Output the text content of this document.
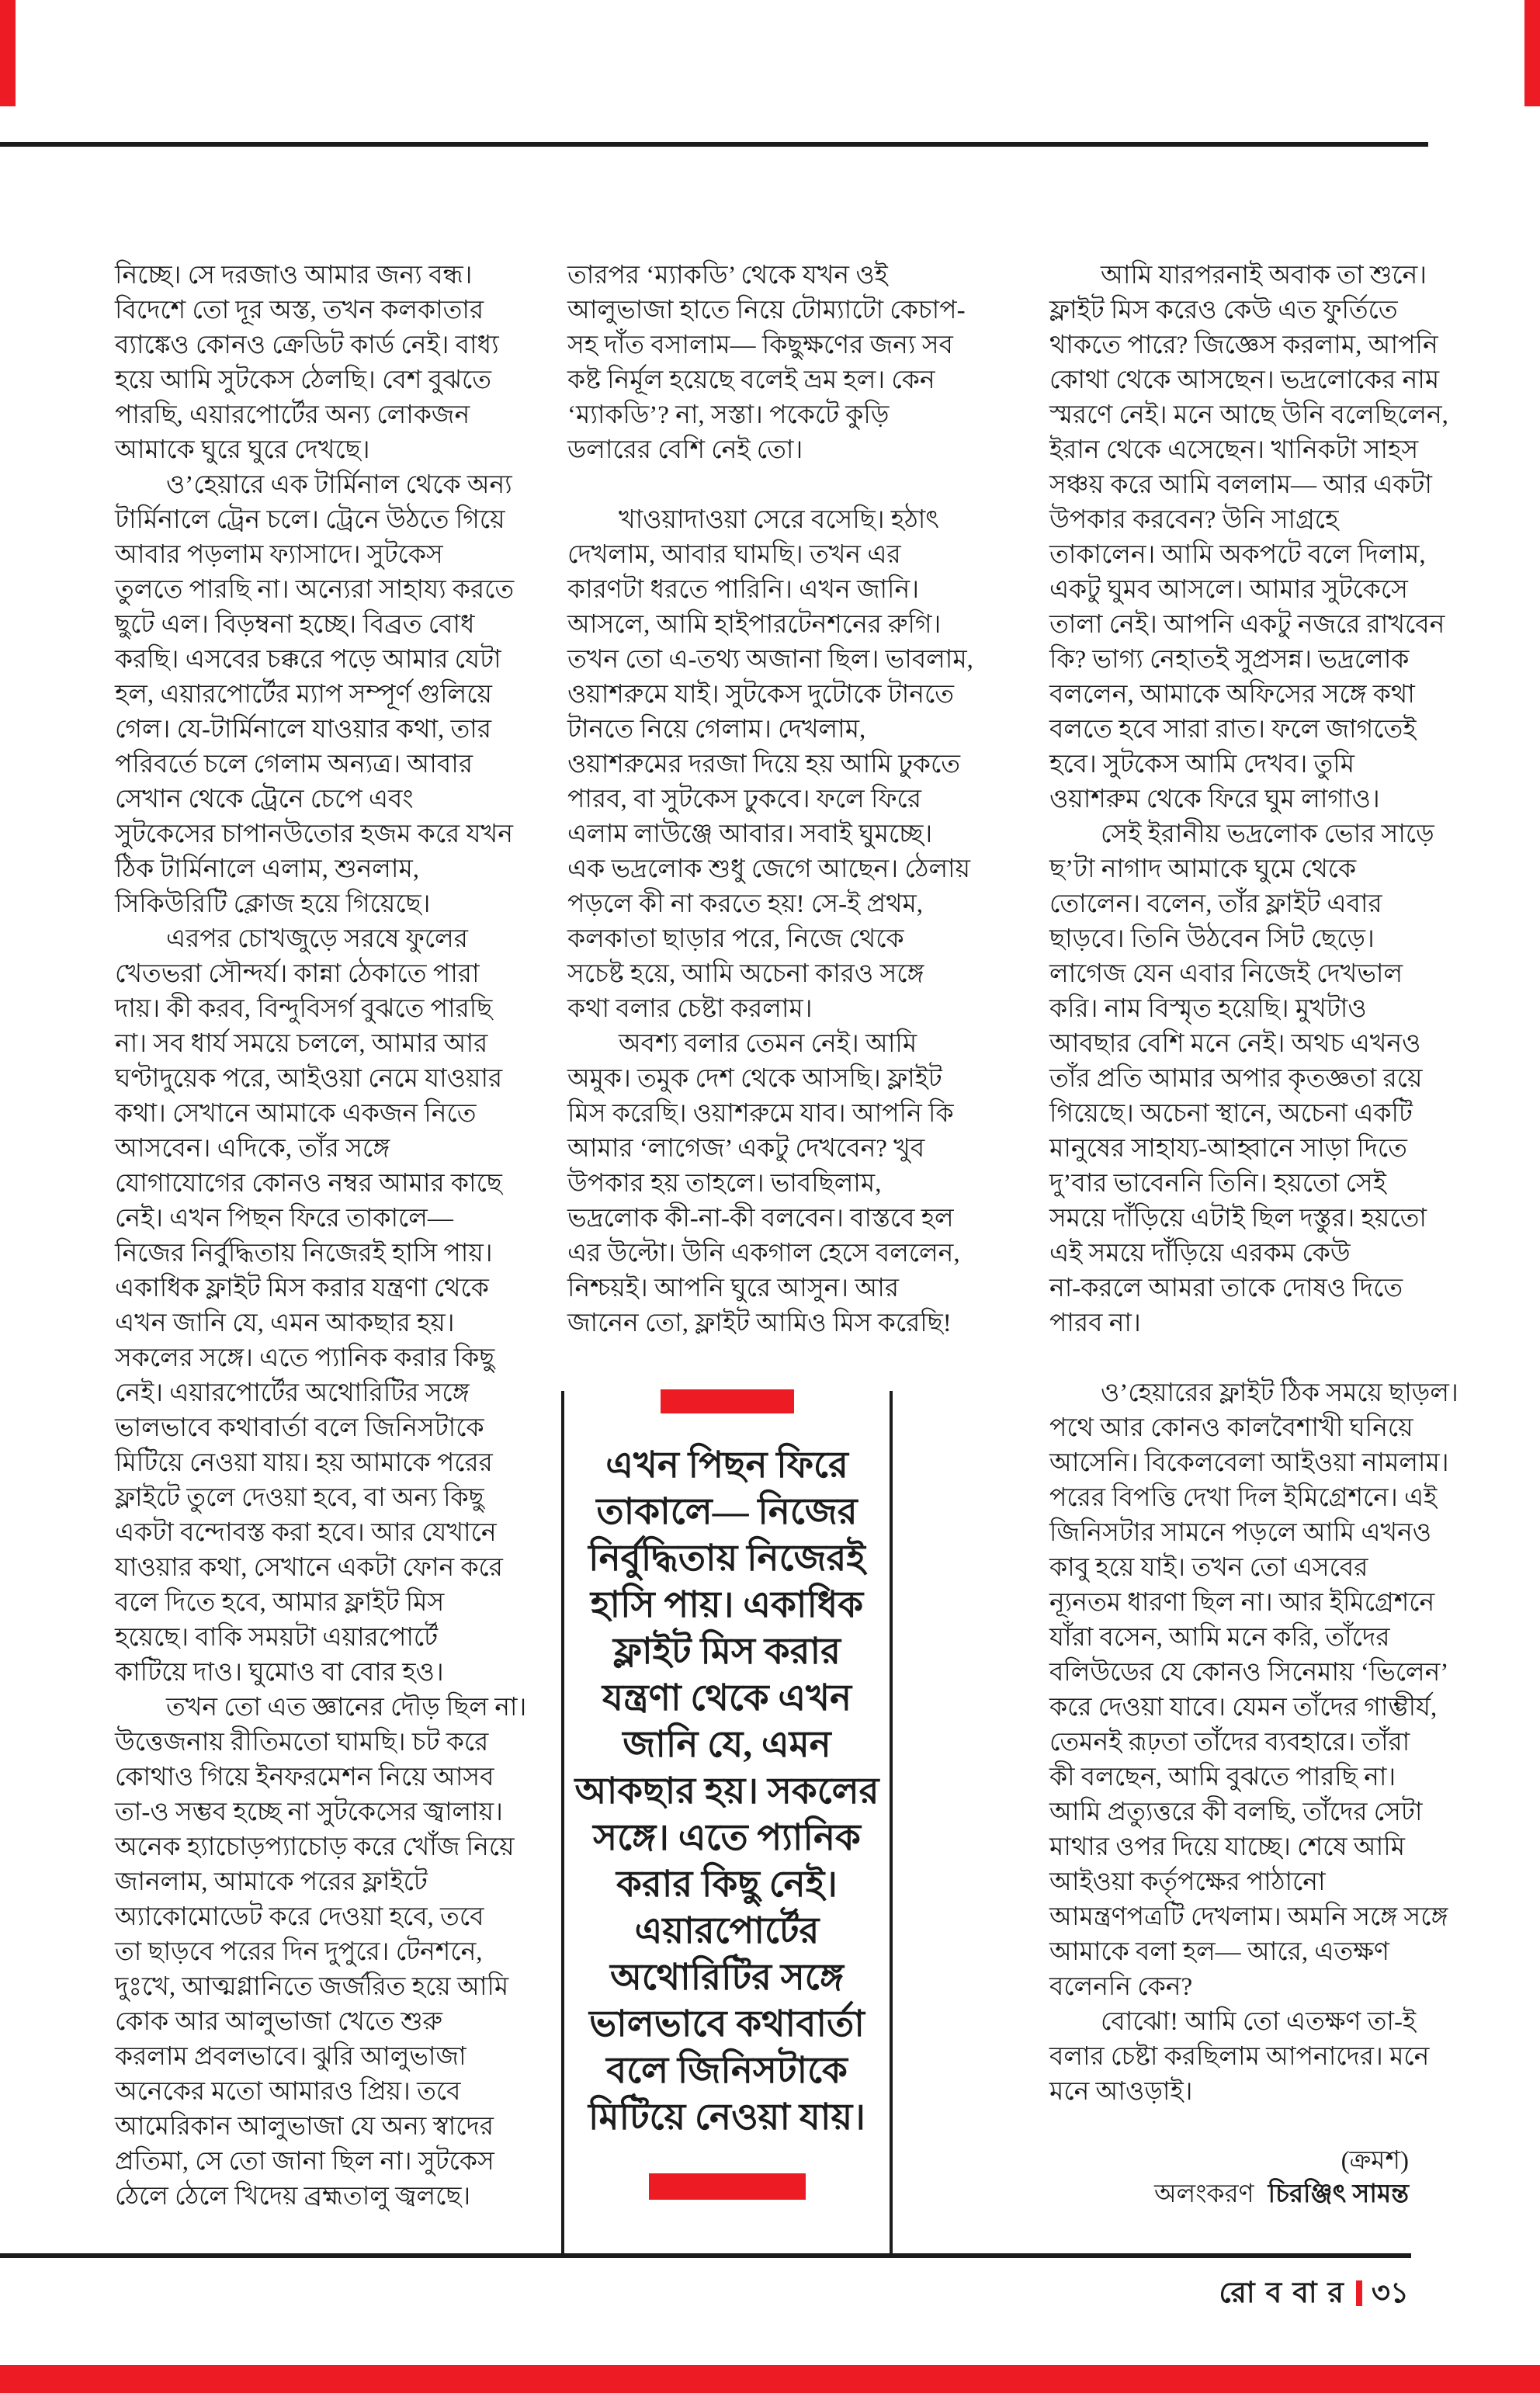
নিচ্ছে। সে দরজাও আমার জন্য বন্ধ।
বিদেশে তো দূর অস্ত, তখন কলকাতার
ব্যাঙ্কেও কোনও ক্রেডিট কার্ড নেই। বাধ্য
হয়ে আমি সুটকেস ঠেলছি। বেশ বুঝতে
পারছি, এয়ারপোর্টের অন্য লোকজন
আমাকে ঘুরে ঘুরে দেখছে।
  ও’হেয়ারে এক টার্মিনাল থেকে অন্য
টার্মিনালে ট্রেন চলে। ট্রেনে উঠতে গিয়ে
আবার পড়লাম ফ্যাসাদে। সুটকেস
তুলতে পারছি না। অন্যেরা সাহায্য করতে
ছুটে এল। বিড়ম্বনা হচ্ছে। বিব্রত বোধ
করছি। এসবের চক্করে পড়ে আমার যেটা
হল, এয়ারপোর্টের ম্যাপ সম্পূর্ণ গুলিয়ে
গেল। যে-টার্মিনালে যাওয়ার কথা, তার
পরিবর্তে চলে গেলাম অন্যত্র। আবার
সেখান থেকে ট্রেনে চেপে এবং
সুটকেসের চাপানউতোর হজম করে যখন
ঠিক টার্মিনালে এলাম, শুনলাম,
সিকিউরিটি ক্লোজ হয়ে গিয়েছে।
  এরপর চোখজুড়ে সরষে ফুলের
খেতভরা সৌন্দর্য। কান্না ঠেকাতে পারা
দায়। কী করব, বিন্দুবিসর্গ বুঝতে পারছি
না। সব ধার্য সময়ে চললে, আমার আর
ঘণ্টাদুয়েক পরে, আইওয়া নেমে যাওয়ার
কথা। সেখানে আমাকে একজন নিতে
আসবেন। এদিকে, তাঁর সঙ্গে
যোগাযোগের কোনও নম্বর আমার কাছে
নেই। এখন পিছন ফিরে তাকালে—
নিজের নির্বুদ্ধিতায় নিজেরই হাসি পায়।
একাধিক ফ্লাইট মিস করার যন্ত্রণা থেকে
এখন জানি যে, এমন আকছার হয়।
সকলের সঙ্গে। এতে প্যানিক করার কিছু
নেই। এয়ারপোর্টের অথোরিটির সঙ্গে
ভালভাবে কথাবার্তা বলে জিনিসটাকে
মিটিয়ে নেওয়া যায়। হয় আমাকে পরের
ফ্লাইটে তুলে দেওয়া হবে, বা অন্য কিছু
একটা বন্দোবস্ত করা হবে। আর যেখানে
যাওয়ার কথা, সেখানে একটা ফোন করে
বলে দিতে হবে, আমার ফ্লাইট মিস
হয়েছে। বাকি সময়টা এয়ারপোর্টে
কাটিয়ে দাও। ঘুমোও বা বোর হও।
  তখন তো এত জ্ঞানের দৌড় ছিল না।
উত্তেজনায় রীতিমতো ঘামছি। চট করে
কোথাও গিয়ে ইনফরমেশন নিয়ে আসব
তা-ও সম্ভব হচ্ছে না সুটকেসের জ্বালায়।
অনেক হ্যাচোড়প্যাচোড় করে খোঁজ নিয়ে
জানলাম, আমাকে পরের ফ্লাইটে
অ্যাকোমোডেট করে দেওয়া হবে, তবে
তা ছাড়বে পরের দিন দুপুরে। টেনশনে,
দুঃখে, আত্মগ্লানিতে জর্জরিত হয়ে আমি
কোক আর আলুভাজা খেতে শুরু
করলাম প্রবলভাবে। ঝুরি আলুভাজা
অনেকের মতো আমারও প্রিয়। তবে
আমেরিকান আলুভাজা যে অন্য স্বাদের
প্রতিমা, সে তো জানা ছিল না। সুটকেস
ঠেলে ঠেলে খিদেয় ব্রহ্মতালু জ্বলছে।
তারপর ‘ম্যাকডি’ থেকে যখন ওই
আলুভাজা হাতে নিয়ে টোম্যাটো কেচাপ-
সহ দাঁত বসালাম— কিছুক্ষণের জন্য সব
কষ্ট নির্মূল হয়েছে বলেই ভ্রম হল। কেন
‘ম্যাকডি’? না, সস্তা। পকেটে কুড়ি
ডলারের বেশি নেই তো।
  খাওয়াদাওয়া সেরে বসেছি। হঠাৎ
দেখলাম, আবার ঘামছি। তখন এর
কারণটা ধরতে পারিনি। এখন জানি।
আসলে, আমি হাইপারটেনশনের রুগি।
তখন তো এ-তথ্য অজানা ছিল। ভাবলাম,
ওয়াশরুমে যাই। সুটকেস দুটোকে টানতে
টানতে নিয়ে গেলাম। দেখলাম,
ওয়াশরুমের দরজা দিয়ে হয় আমি ঢুকতে
পারব, বা সুটকেস ঢুকবে। ফলে ফিরে
এলাম লাউঞ্জে আবার। সবাই ঘুমচ্ছে।
এক ভদ্রলোক শুধু জেগে আছেন। ঠেলায়
পড়লে কী না করতে হয়! সে-ই প্রথম,
কলকাতা ছাড়ার পরে, নিজে থেকে
সচেষ্ট হয়ে, আমি অচেনা কারও সঙ্গে
কথা বলার চেষ্টা করলাম।
  অবশ্য বলার তেমন নেই। আমি
অমুক। তমুক দেশ থেকে আসছি। ফ্লাইট
মিস করেছি। ওয়াশরুমে যাব। আপনি কি
আমার ‘লাগেজ’ একটু দেখবেন? খুব
উপকার হয় তাহলে। ভাবছিলাম,
ভদ্রলোক কী-না-কী বলবেন। বাস্তবে হল
এর উল্টো। উনি একগাল হেসে বললেন,
নিশ্চয়ই। আপনি ঘুরে আসুন। আর
জানেন তো, ফ্লাইট আমিও মিস করেছি!
  আমি যারপরনাই অবাক তা শুনে।
ফ্লাইট মিস করেও কেউ এত ফুর্তিতে
থাকতে পারে? জিজ্ঞেস করলাম, আপনি
কোথা থেকে আসছেন। ভদ্রলোকের নাম
স্মরণে নেই। মনে আছে উনি বলেছিলেন,
ইরান থেকে এসেছেন। খানিকটা সাহস
সঞ্চয় করে আমি বললাম— আর একটা
উপকার করবেন? উনি সাগ্রহে
তাকালেন। আমি অকপটে বলে দিলাম,
একটু ঘুমব আসলে। আমার সুটকেসে
তালা নেই। আপনি একটু নজরে রাখবেন
কি? ভাগ্য নেহাতই সুপ্রসন্ন। ভদ্রলোক
বললেন, আমাকে অফিসের সঙ্গে কথা
বলতে হবে সারা রাত। ফলে জাগতেই
হবে। সুটকেস আমি দেখব। তুমি
ওয়াশরুম থেকে ফিরে ঘুম লাগাও।
  সেই ইরানীয় ভদ্রলোক ভোর সাড়ে
ছ’টা নাগাদ আমাকে ঘুমে থেকে
তোলেন। বলেন, তাঁর ফ্লাইট এবার
ছাড়বে। তিনি উঠবেন সিট ছেড়ে।
লাগেজ যেন এবার নিজেই দেখভাল
করি। নাম বিস্মৃত হয়েছি। মুখটাও
আবছার বেশি মনে নেই। অথচ এখনও
তাঁর প্রতি আমার অপার কৃতজ্ঞতা রয়ে
গিয়েছে। অচেনা স্থানে, অচেনা একটি
মানুষের সাহায্য-আহ্বানে সাড়া দিতে
দু’বার ভাবেননি তিনি। হয়তো সেই
সময়ে দাঁড়িয়ে এটাই ছিল দস্তুর। হয়তো
এই সময়ে দাঁড়িয়ে এরকম কেউ
না-করলে আমরা তাকে দোষও দিতে
পারব না।
  ও’হেয়ারের ফ্লাইট ঠিক সময়ে ছাড়ল।
পথে আর কোনও কালবৈশাখী ঘনিয়ে
আসেনি। বিকেলবেলা আইওয়া নামলাম।
পরের বিপত্তি দেখা দিল ইমিগ্রেশনে। এই
জিনিসটার সামনে পড়লে আমি এখনও
কাবু হয়ে যাই। তখন তো এসবের
ন্যূনতম ধারণা ছিল না। আর ইমিগ্রেশনে
যাঁরা বসেন, আমি মনে করি, তাঁদের
বলিউডের যে কোনও সিনেমায় ‘ভিলেন’
করে দেওয়া যাবে। যেমন তাঁদের গাম্ভীর্য,
তেমনই রূঢ়তা তাঁদের ব্যবহারে। তাঁরা
কী বলছেন, আমি বুঝতে পারছি না।
আমি প্রত্যুত্তরে কী বলছি, তাঁদের সেটা
মাথার ওপর দিয়ে যাচ্ছে। শেষে আমি
আইওয়া কর্তৃপক্ষের পাঠানো
আমন্ত্রণপত্রটি দেখলাম। অমনি সঙ্গে সঙ্গে
আমাকে বলা হল— আরে, এতক্ষণ
বলেননি কেন?
  বোঝো! আমি তো এতক্ষণ তা-ই
বলার চেষ্টা করছিলাম আপনাদের। মনে
মনে আওড়াই।
এখন পিছন ফিরে
তাকালে— নিজের
নির্বুদ্ধিতায় নিজেরই
হাসি পায়। একাধিক
ফ্লাইট মিস করার
যন্ত্রণা থেকে এখন
জানি যে, এমন
আকছার হয়। সকলের
সঙ্গে। এতে প্যানিক
করার কিছু নেই।
এয়ারপোর্টের
অথোরিটির সঙ্গে
ভালভাবে কথাবার্তা
বলে জিনিসটাকে
মিটিয়ে নেওয়া যায়।
(ক্রমশ)
অলংকরণ চিরঞ্জিৎ সামন্ত
রোববার ৩১
